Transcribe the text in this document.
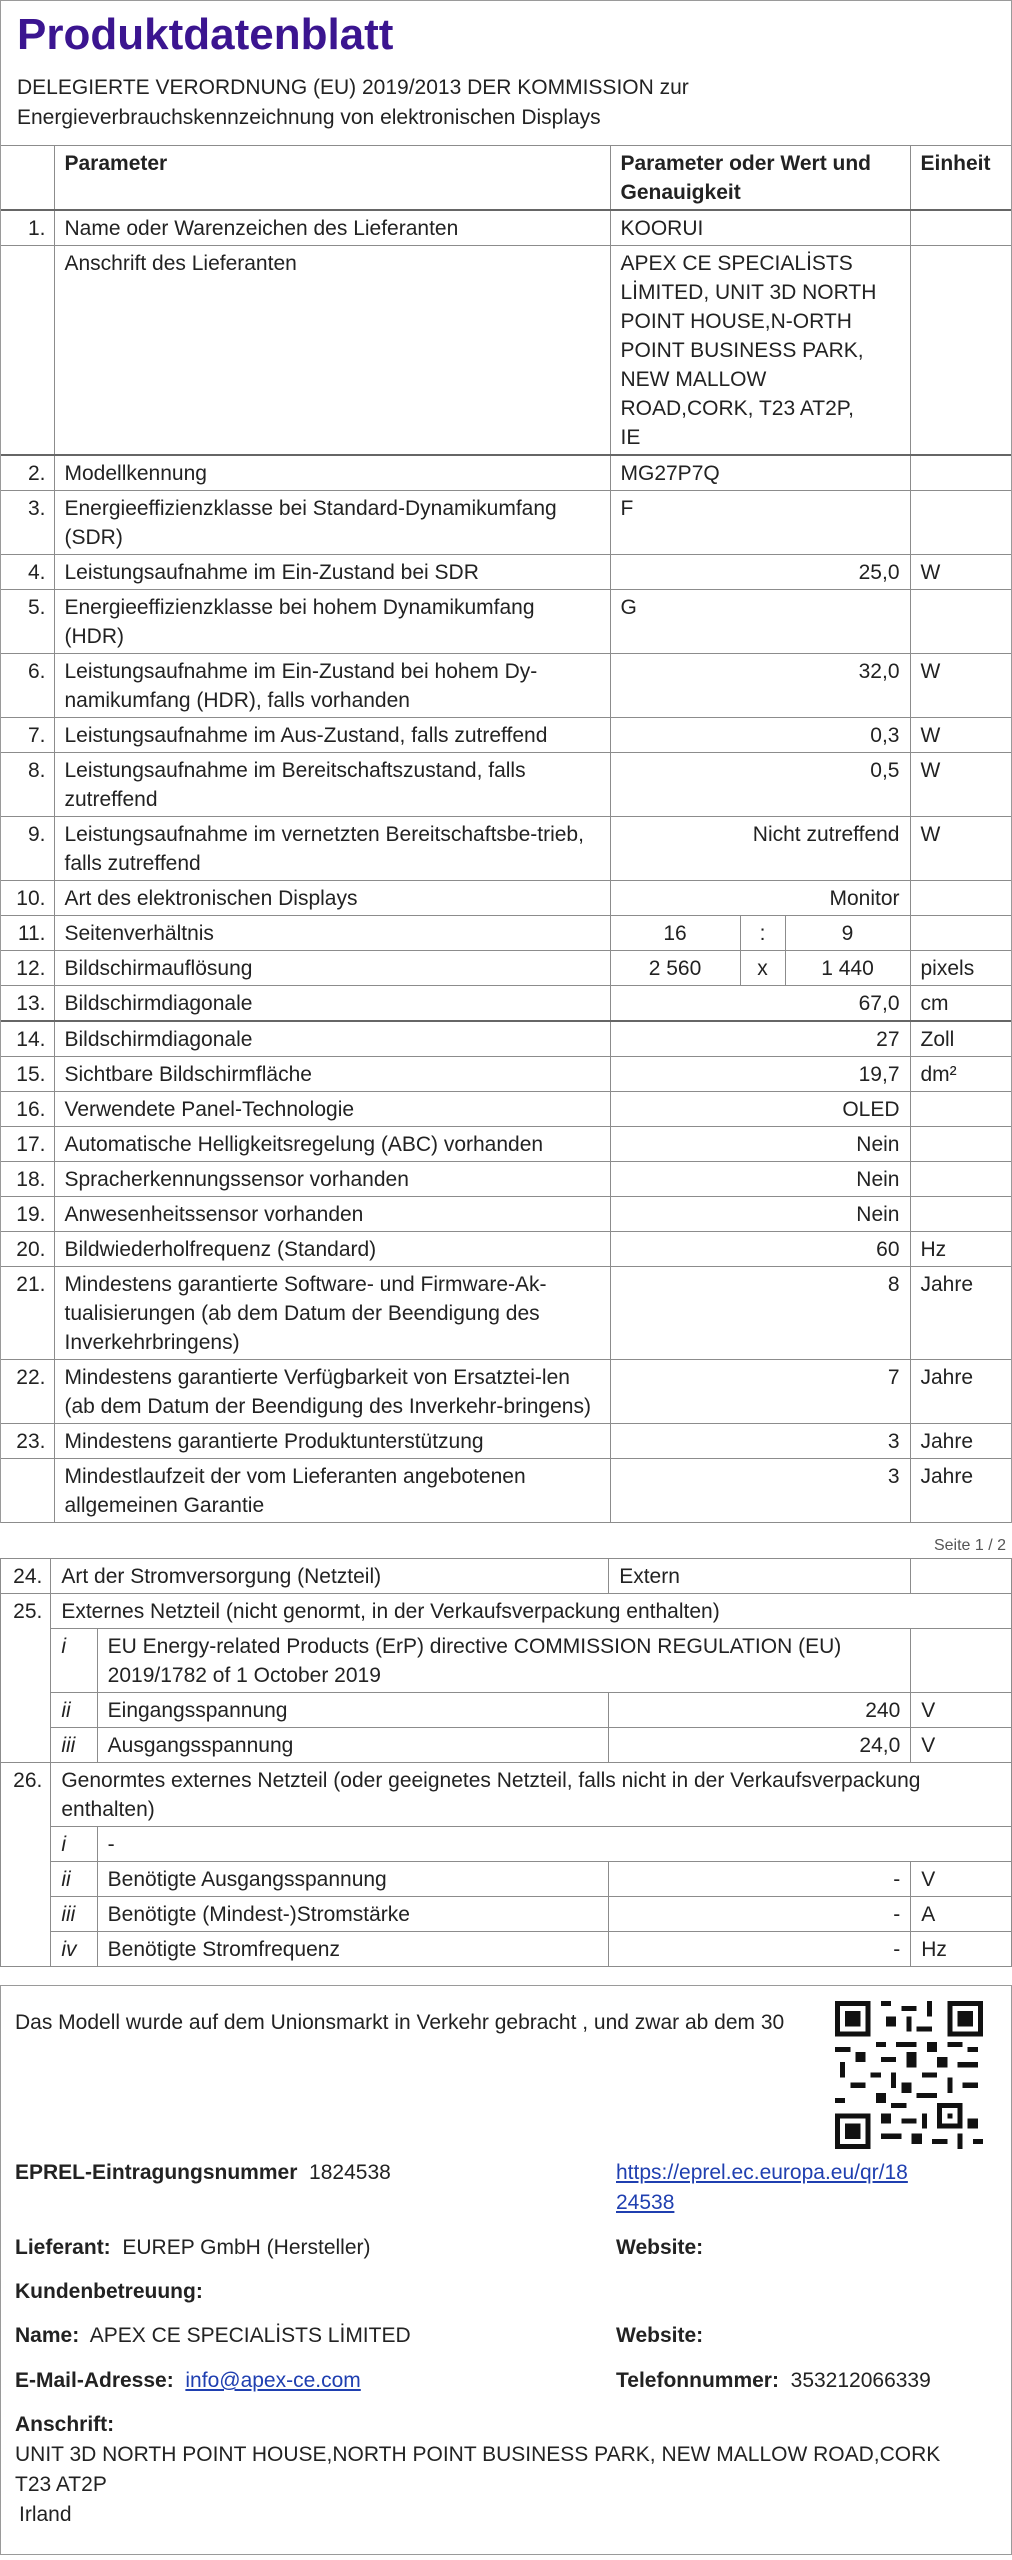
Produktdatenblatt
DELEGIERTE VERORDNUNG (EU) 2019/2013 DER KOMMISSION zur
Energieverbrauchskennzeichnung von elektronischen Displays
	Parameter	Parameter oder Wert und Genauigkeit			Einheit
1.	Name oder Warenzeichen des Lieferanten	KOORUI			
	Anschrift des Lieferanten	APEX CE SPECIALİSTS LİMITED, UNIT 3D NORTH POINT HOUSE,N-ORTH POINT BUSINESS PARK, NEW MALLOW ROAD,CORK, T23 AT2P, IE			
2.	Modellkennung	MG27P7Q			
3.	Energieeffizienzklasse bei Standard-Dynamikumfang (SDR)	F			
4.	Leistungsaufnahme im Ein-Zustand bei SDR	25,0			W
5.	Energieeffizienzklasse bei hohem Dynamikumfang (HDR)	G			
6.	Leistungsaufnahme im Ein-Zustand bei hohem Dy-namikumfang (HDR), falls vorhanden	32,0			W
7.	Leistungsaufnahme im Aus-Zustand, falls zutreffend	0,3			W
8.	Leistungsaufnahme im Bereitschaftszustand, falls zutreffend	0,5			W
9.	Leistungsaufnahme im vernetzten Bereitschaftsbe-trieb, falls zutreffend	Nicht zutreffend			W
10.	Art des elektronischen Displays	Monitor			
11.	Seitenverhältnis	16	:	9	
12.	Bildschirmauflösung	2 560	x	1 440	pixels
13.	Bildschirmdiagonale	67,0			cm
14.	Bildschirmdiagonale	27			Zoll
15.	Sichtbare Bildschirmfläche	19,7			dm²
16.	Verwendete Panel-Technologie	OLED			
17.	Automatische Helligkeitsregelung (ABC) vorhanden	Nein			
18.	Spracherkennungssensor vorhanden	Nein			
19.	Anwesenheitssensor vorhanden	Nein			
20.	Bildwiederholfrequenz (Standard)	60			Hz
21.	Mindestens garantierte Software- und Firmware-Ak-tualisierungen (ab dem Datum der Beendigung des Inverkehrbringens)	8			Jahre
22.	Mindestens garantierte Verfügbarkeit von Ersatztei-len (ab dem Datum der Beendigung des Inverkehr-bringens)	7			Jahre
23.	Mindestens garantierte Produktunterstützung	3			Jahre
	Mindestlaufzeit der vom Lieferanten angebotenen allgemeinen Garantie	3			Jahre
Seite 1 / 2
24.	Art der Stromversorgung (Netzteil)		Extern	
25.	Externes Netzteil (nicht genormt, in der Verkaufsverpackung enthalten)			
	i	EU Energy-related Products (ErP) directive COMMISSION REGULATION (EU) 2019/1782 of 1 October 2019		
	ii	Eingangsspannung	240	V
	iii	Ausgangsspannung	24,0	V
26.	Genormtes externes Netzteil (oder geeignetes Netzteil, falls nicht in der Verkaufsverpackung enthalten)			
	i	-		
	ii	Benötigte Ausgangsspannung	-	V
	iii	Benötigte (Mindest-)Stromstärke	-	A
	iv	Benötigte Stromfrequenz	-	Hz
Das Modell wurde auf dem Unionsmarkt in Verkehr gebracht , und zwar ab dem 30
EPREL-Eintragungsnummer 1824538	https://eprel.ec.europa.eu/qr/18
24538
Lieferant: EUREP GmbH (Hersteller)	Website:
Kundenbetreuung:
Name: APEX CE SPECIALİSTS LİMITED	Website:
E-Mail-Adresse: info@apex-ce.com	Telefonnummer: 353212066339
Anschrift:
UNIT 3D NORTH POINT HOUSE,NORTH POINT BUSINESS PARK, NEW MALLOW ROAD,CORK
T23 AT2P
Irland
